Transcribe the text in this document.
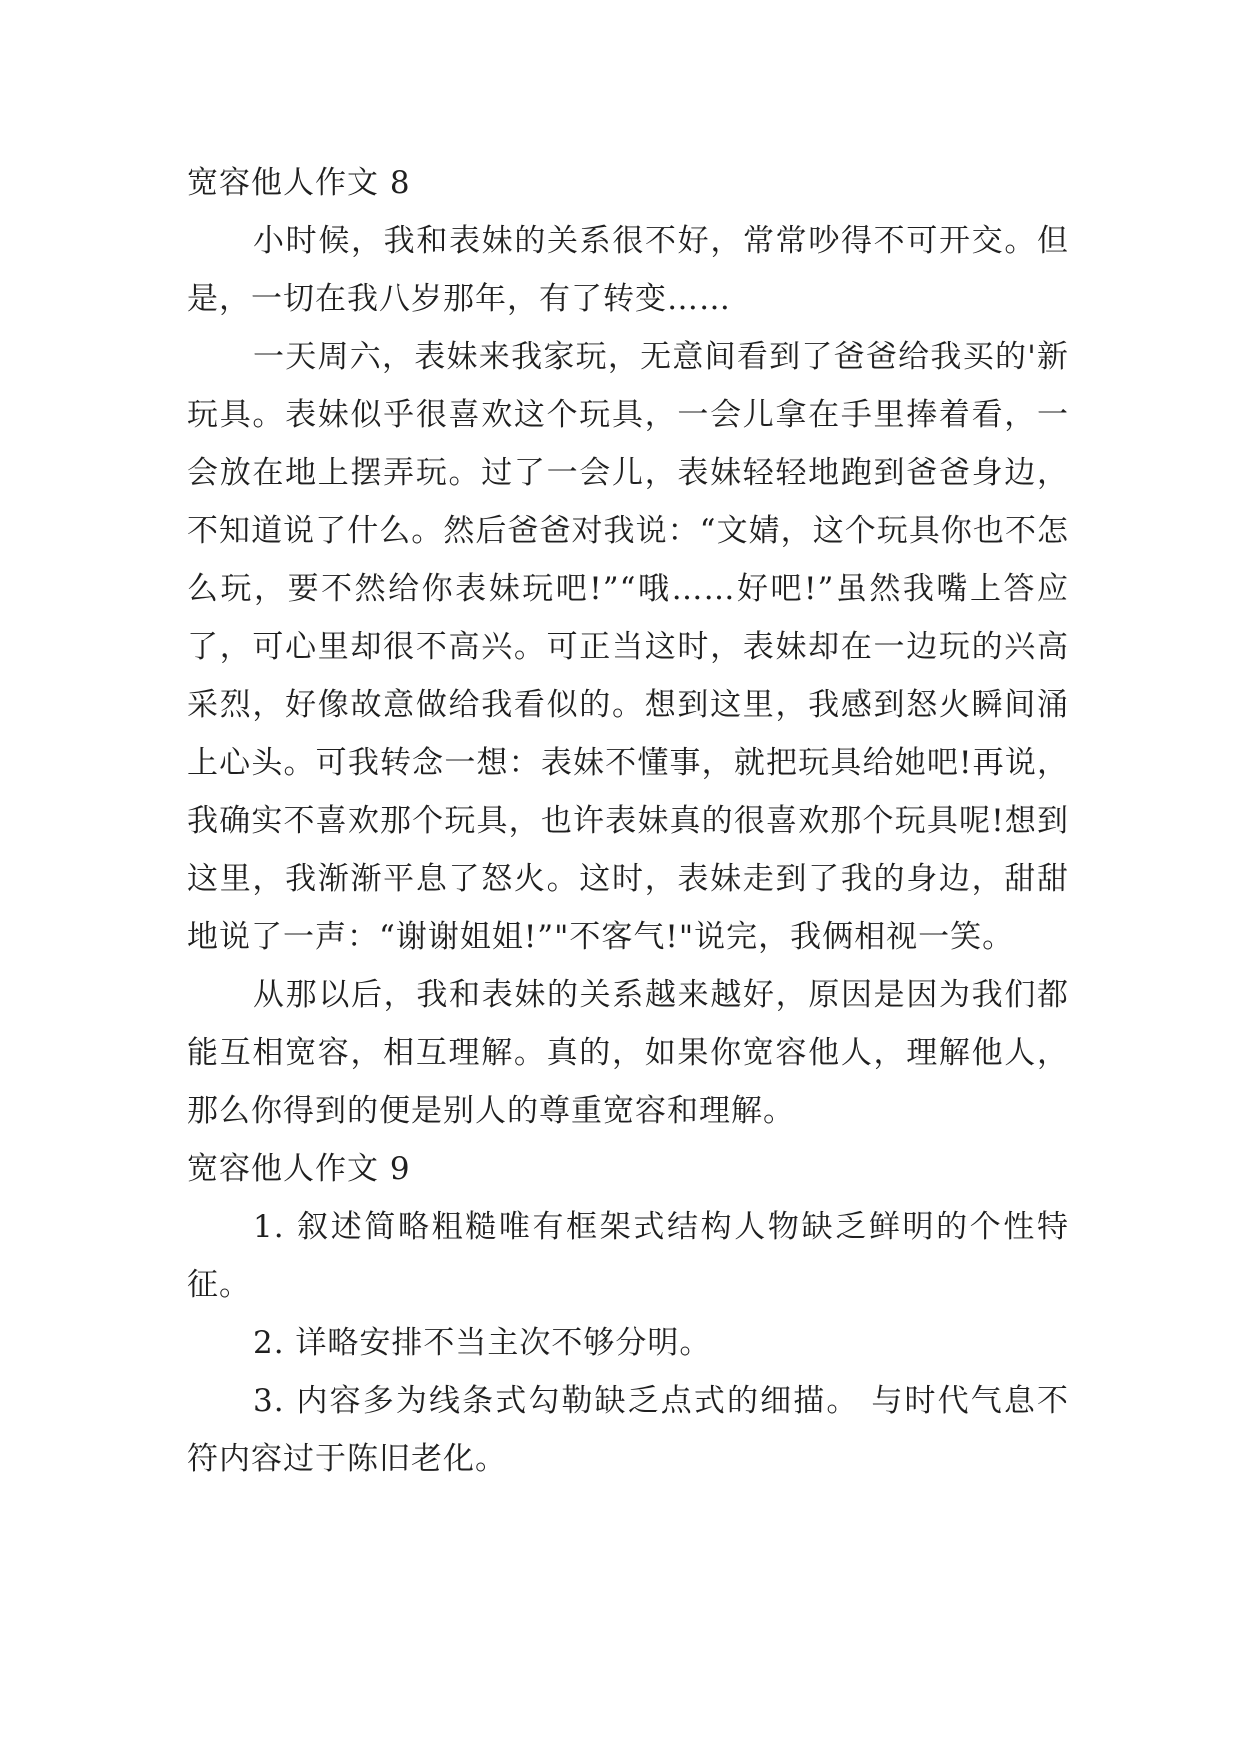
宽容他人作文 8

小时候，我和表妹的关系很不好，常常吵得不可开交。但是，一切在我八岁那年，有了转变……

一天周六，表妹来我家玩，无意间看到了爸爸给我买的'新玩具。表妹似乎很喜欢这个玩具，一会儿拿在手里捧着看，一会放在地上摆弄玩。过了一会儿，表妹轻轻地跑到爸爸身边，不知道说了什么。然后爸爸对我说：“文婧，这个玩具你也不怎么玩，要不然给你表妹玩吧!”“哦……好吧!”虽然我嘴上答应了，可心里却很不高兴。可正当这时，表妹却在一边玩的兴高采烈，好像故意做给我看似的。想到这里，我感到怒火瞬间涌上心头。可我转念一想：表妹不懂事，就把玩具给她吧!再说，我确实不喜欢那个玩具，也许表妹真的很喜欢那个玩具呢!想到这里，我渐渐平息了怒火。这时，表妹走到了我的身边，甜甜地说了一声：“谢谢姐姐!”"不客气!"说完，我俩相视一笑。

从那以后，我和表妹的关系越来越好，原因是因为我们都能互相宽容，相互理解。真的，如果你宽容他人，理解他人，那么你得到的便是别人的尊重宽容和理解。

宽容他人作文 9

1. 叙述简略粗糙唯有框架式结构人物缺乏鲜明的个性特征。

2. 详略安排不当主次不够分明。

3. 内容多为线条式勾勒缺乏点式的细描。 与时代气息不符内容过于陈旧老化。
